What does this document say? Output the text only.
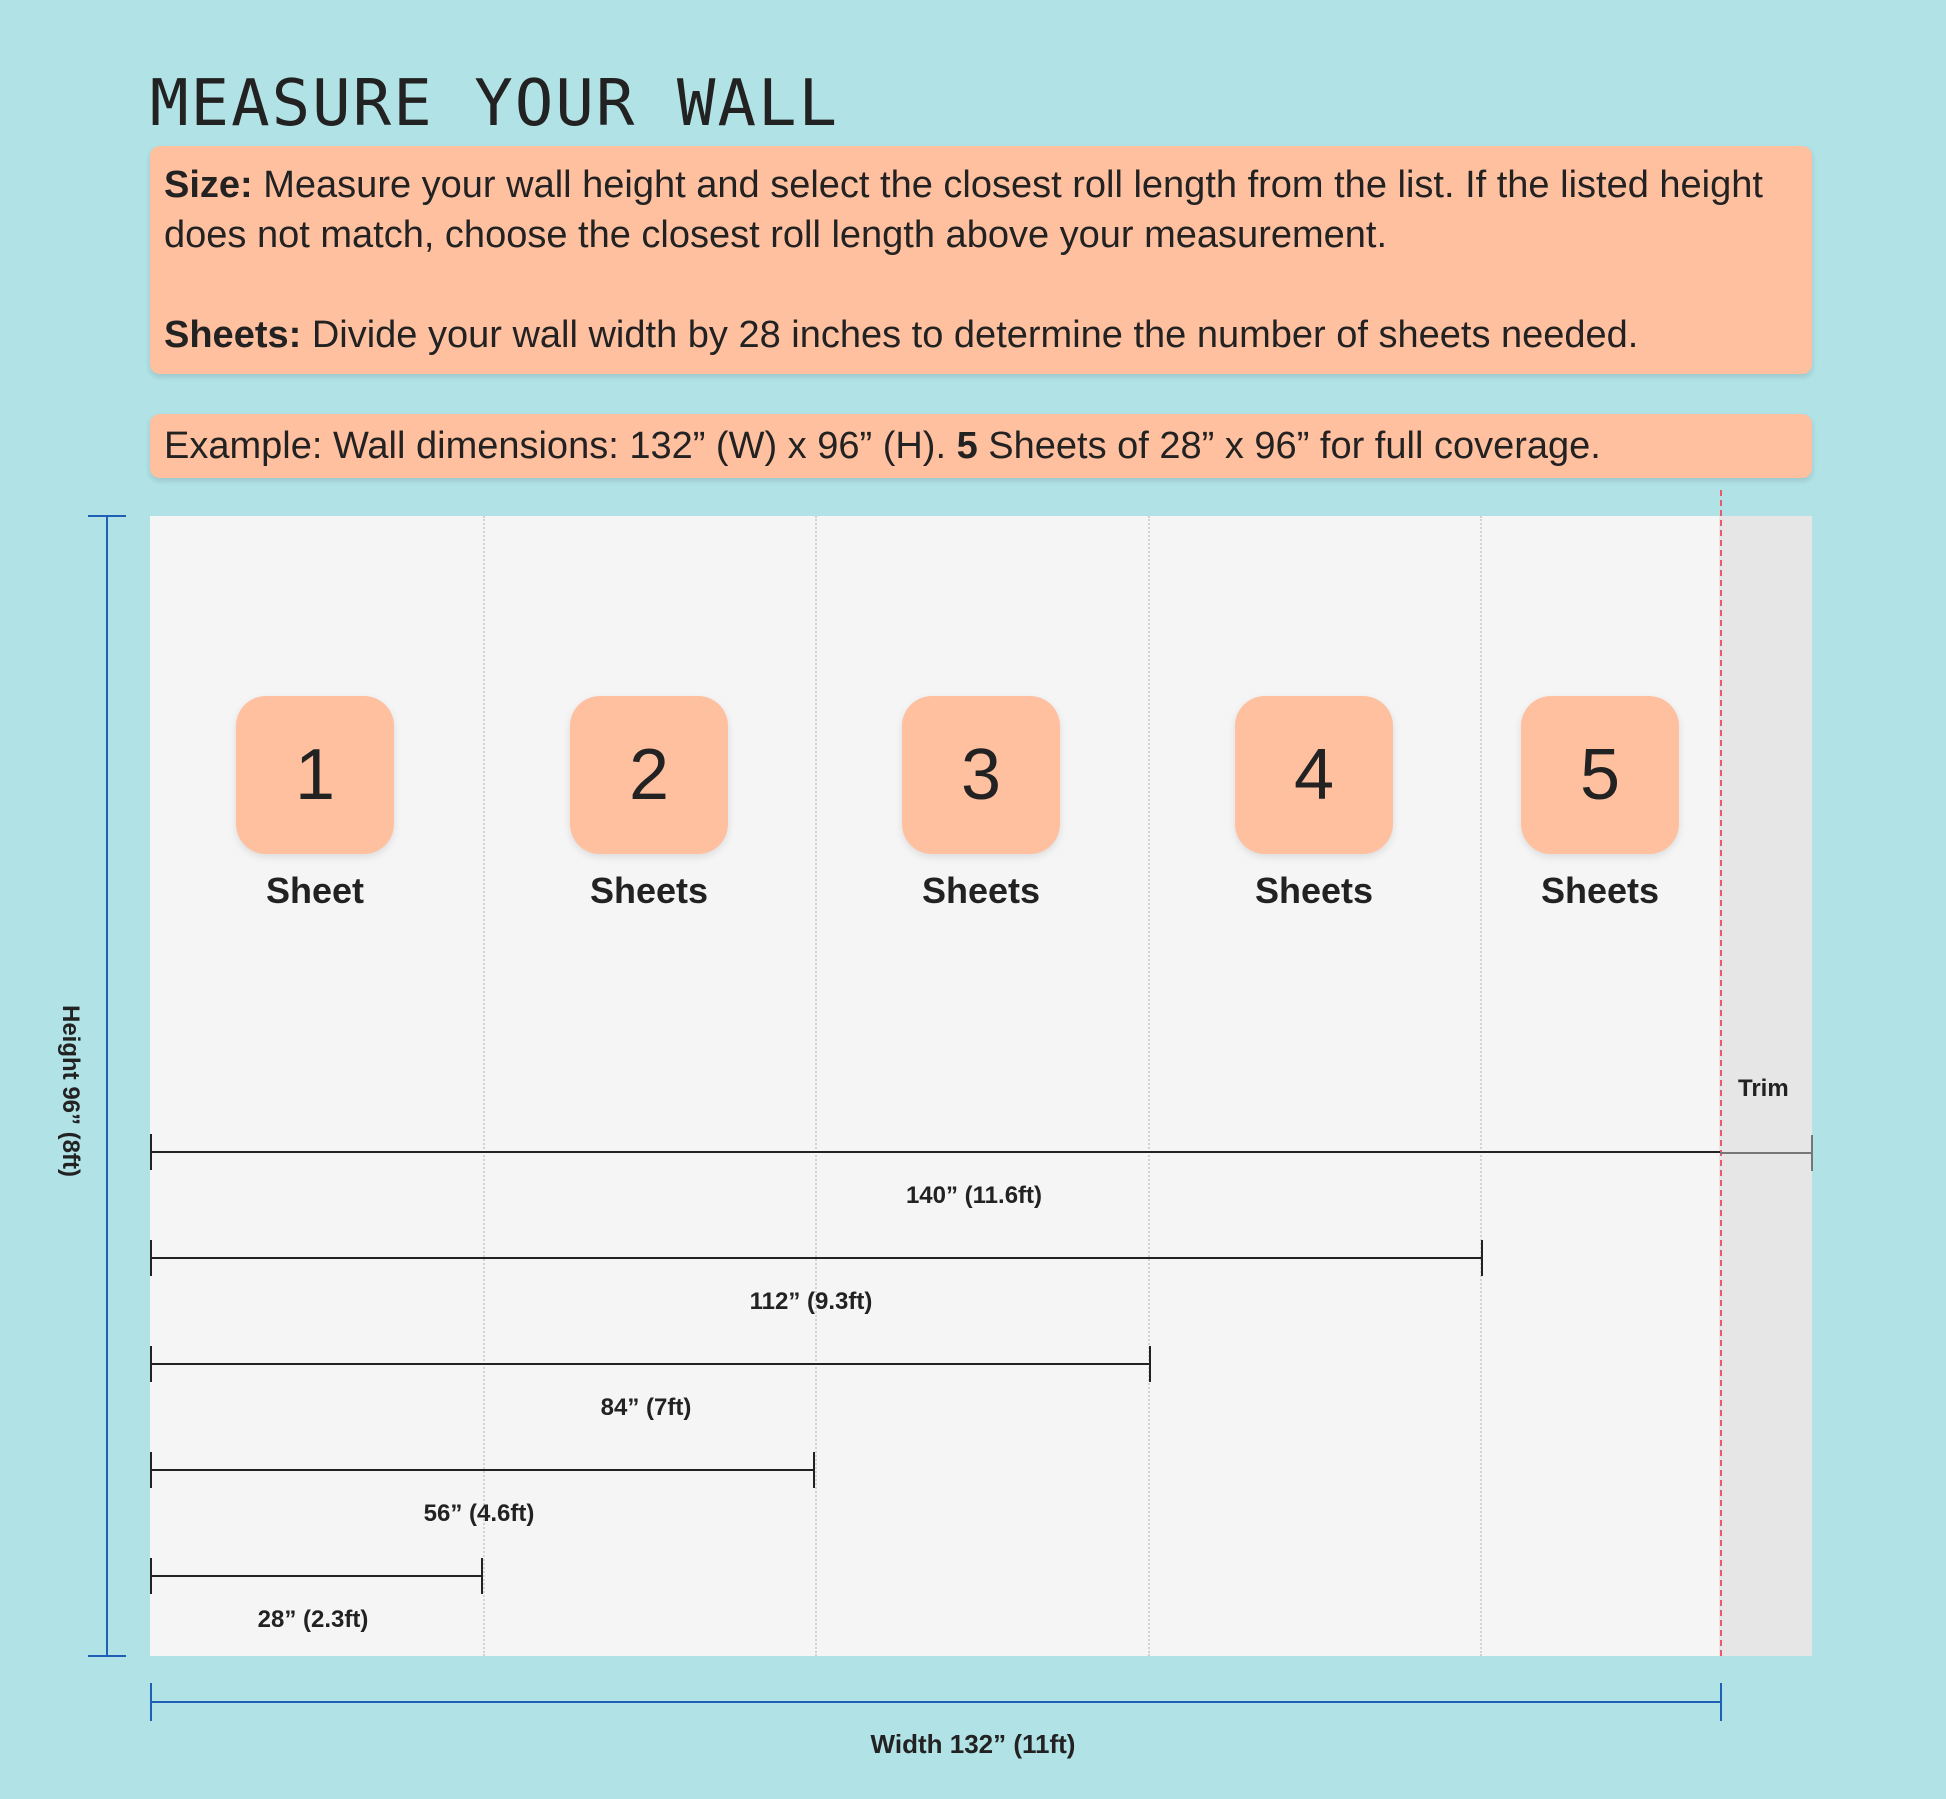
MEASURE YOUR WALL

Size: Measure your wall height and select the closest roll length from the list. If the listed height does not match, choose the closest roll length above your measurement.

Sheets: Divide your wall width by 28 inches to determine the number of sheets needed.

Example: Wall dimensions: 132” (W) x 96” (H). 5 Sheets of 28” x 96” for full coverage.

1
Sheet
2
Sheets
3
Sheets
4
Sheets
5
Sheets
Trim
140” (11.6ft)
112” (9.3ft)
84” (7ft)
56” (4.6ft)
28” (2.3ft)
Height 96” (8ft)
Width 132” (11ft)
